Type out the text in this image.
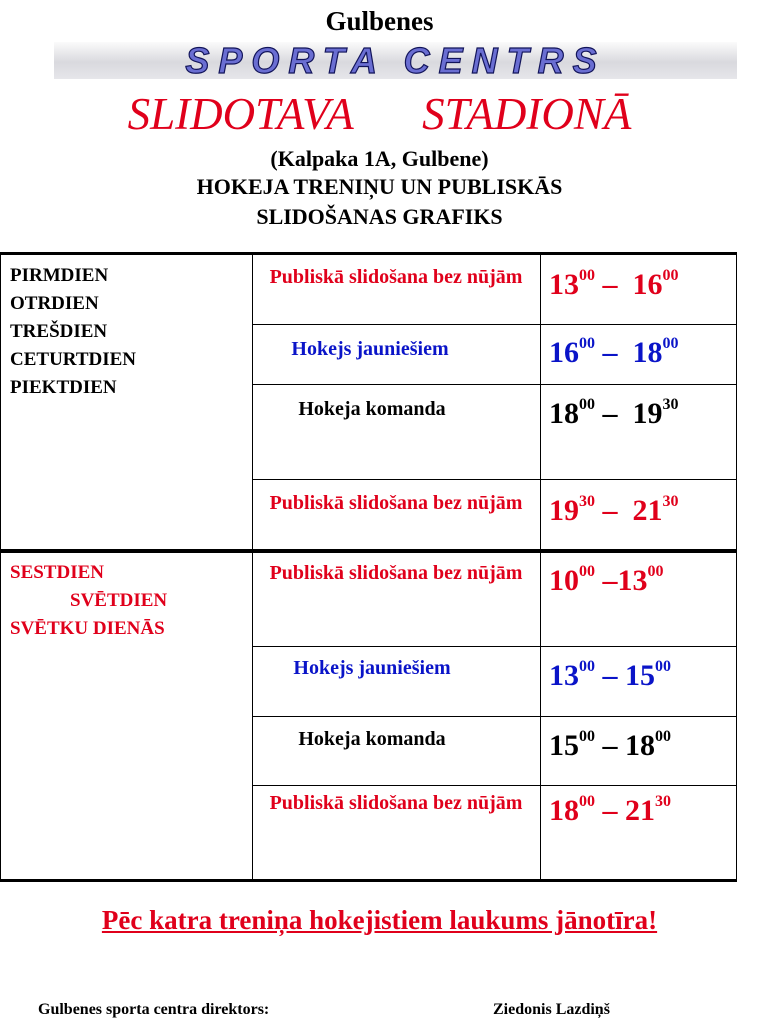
Gulbenes
SPORTA CENTRS
SLIDOTAVA STADIONĀ
(Kalpaka 1A, Gulbene)
HOKEJA TRENIŅU UN PUBLISKĀS
SLIDOŠANAS GRAFIKS
PIRMDIEN
OTRDIEN
TREŠDIEN
CETURTDIEN
PIEKTDIEN
Publiskā slidošana bez nūjām
Hokejs jauniešiem
Hokeja komanda
Publiskā slidošana bez nūjām
$13^{00} - 16^{00}$
$16^{00} - 18^{00}$
$18^{00} - 19^{30}$
$19^{30} - 21^{30}$
SESTDIEN
SVĒTDIEN
SVĒTKU DIENĀS
Publiskā slidošana bez nūjām
Hokejs jauniešiem
Hokeja komanda
Publiskā slidošana bez nūjām
$10^{00}$ $-13^{00}$
$13^{00} - 15^{00}$
$15^{00} - 18^{00}$
$18^{00} - 21^{30}$
Pēc katra treniņa hokejistiem laukums jānotīra!
Gulbenes sporta centra direktors:	Ziedonis Lazdiņš
